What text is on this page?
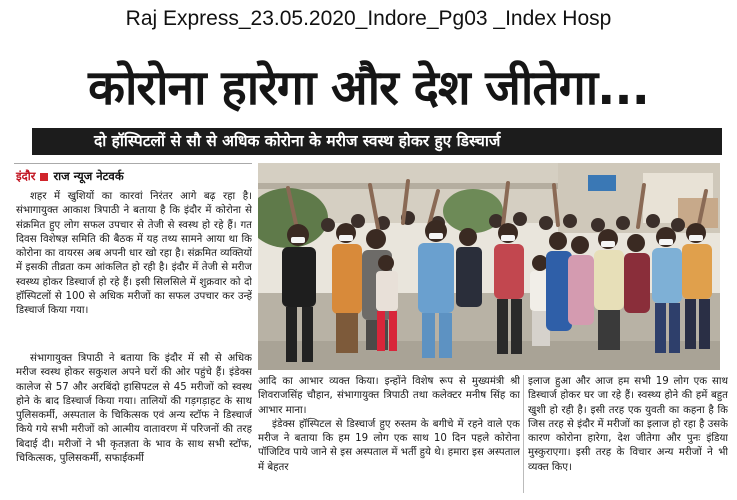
Raj Express_23.05.2020_Indore_Pg03 _Index Hosp
कोरोना हारेगा और देश जीतेगा...
दो हॉस्पिटलों से सौ से अधिक कोरोना के मरीज स्वस्थ होकर हुए डिस्चार्ज
इंदौर राज न्यूज नेटवर्क

शहर में खुशियों का कारवां निरंतर आगे बढ़ रहा है। संभागायुक्त आकाश त्रिपाठी ने बताया है कि इंदौर में कोरोना से संक्रमित हुए लोग सफल उपचार से तेजी से स्वस्थ हो रहे हैं। गत दिवस विशेषज्ञ समिति की बैठक में यह तथ्य सामने आया था कि कोरोना का वायरस अब अपनी धार खो रहा है। संक्रमित व्यक्तियों में इसकी तीव्रता कम आंकलित हो रही है। इंदौर में तेजी से मरीज स्वस्थ्य होकर डिस्चार्ज हो रहे हैं। इसी सिलसिले में शुक्रवार को दो हॉस्पिटलों से 100 से अधिक मरीजों का सफल उपचार कर उन्हें डिस्चार्ज किया गया।

संभागायुक्त त्रिपाठी ने बताया कि इंदौर में सौ से अधिक मरीज स्वस्थ होकर सकुशल अपने घरों की ओर पहुंचे हैं। इंडेक्स कालेज से 57 और अरबिंदो हासिपटल से 45 मरीजों को स्वस्थ होने के बाद डिस्चार्ज किया गया। तालियों की गड़गड़ाहट के साथ पुलिसकर्मी, अस्पताल के चिकित्सक एवं अन्य स्टॉफ ने डिस्चार्ज किये गये सभी मरीजों को आत्मीय वातावरण में परिजनों की तरह बिदाई दी। मरीजों ने भी कृतज्ञता के भाव के साथ सभी स्टॉफ, चिकित्सक, पुलिसकर्मी, सफाईकर्मी

आदि का आभार व्यक्त किया। इन्होंने विशेष रूप से मुख्यमंत्री श्री शिवराजसिंह चौहान, संभागायुक्त त्रिपाठी तथा कलेक्टर मनीष सिंह का आभार माना।

इंडेक्स हॉस्पिटल से डिस्चार्ज हुए रुस्तम के बगीचे में रहने वाले एक मरीज ने बताया कि हम 19 लोग एक साथ 10 दिन पहले कोरोना पॉजिटिव पाये जाने से इस अस्पताल में भर्ती हुये थे। हमारा इस अस्पताल में बेहतर

इलाज हुआ और आज हम सभी 19 लोग एक साथ डिस्चार्ज होकर घर जा रहे हैं। स्वस्थ्य होने की हमें बहुत खुशी हो रही है। इसी तरह एक युवती का कहना है कि जिस तरह से इंदौर में मरीजों का इलाज हो रहा है उसके कारण कोरोना हारेगा, देश जीतेगा और पुनः इंडिया मुस्कुराएगा। इसी तरह के विचार अन्य मरीजों ने भी व्यक्त किए।
